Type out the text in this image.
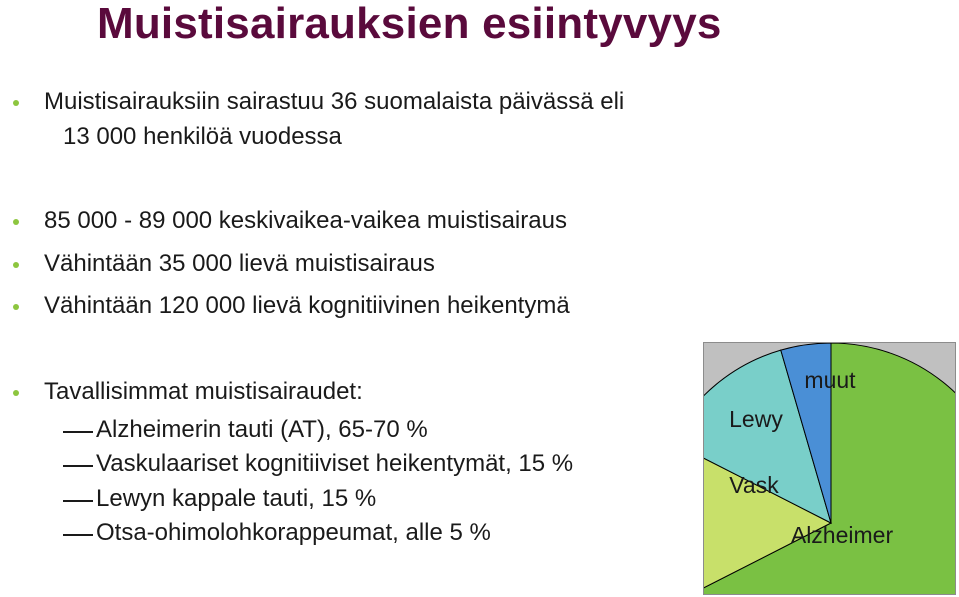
Muistisairauksien esiintyvyys
Muistisairauksiin sairastuu 36 suomalaista päivässä eli
13 000 henkilöä vuodessa
85 000 - 89 000 keskivaikea-vaikea muistisairaus
Vähintään 35 000 lievä muistisairaus
Vähintään 120 000 lievä kognitiivinen heikentymä
Tavallisimmat muistisairaudet:
Alzheimerin tauti (AT), 65-70 %
Vaskulaariset kognitiiviset heikentymät, 15 %
Lewyn kappale tauti, 15 %
Otsa-ohimolohkorappeumat, alle 5 %	Alzheimer
Vask
Lewy
muut
